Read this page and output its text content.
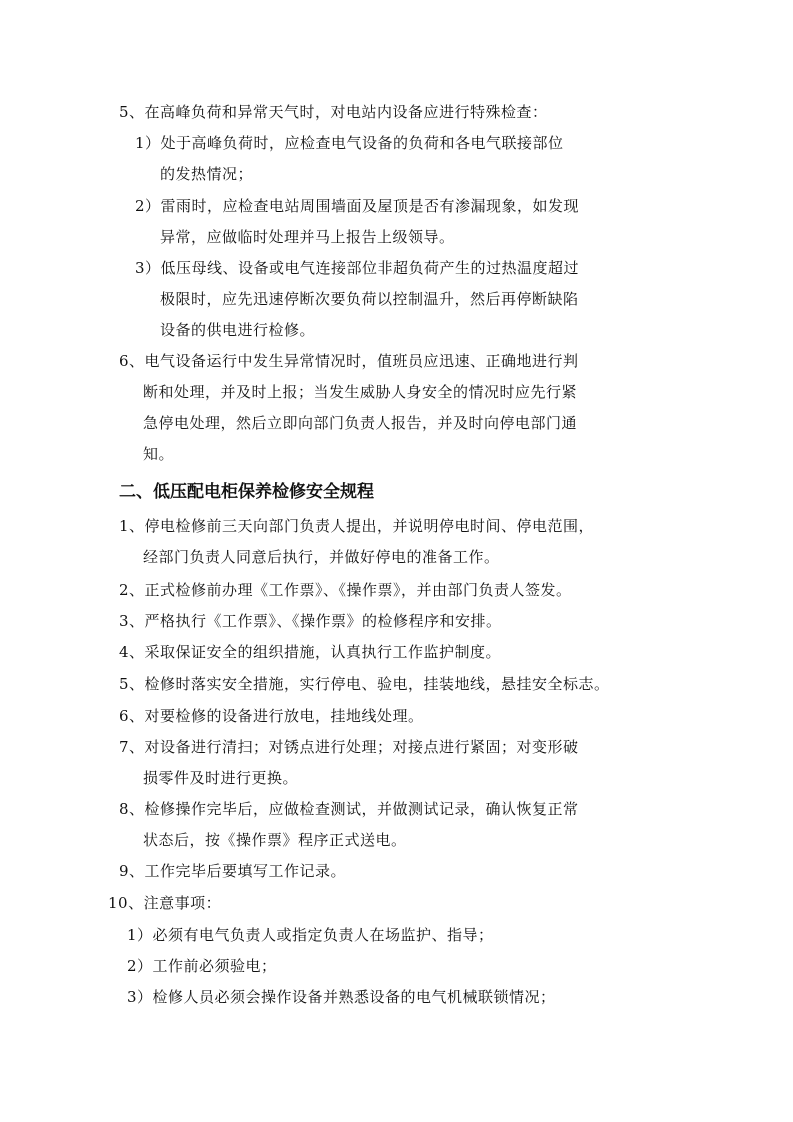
5、在高峰负荷和异常天气时，对电站内设备应进行特殊检查：
1）处于高峰负荷时，应检查电气设备的负荷和各电气联接部位
的发热情况；
2）雷雨时，应检查电站周围墙面及屋顶是否有渗漏现象，如发现
异常，应做临时处理并马上报告上级领导。
3）低压母线、设备或电气连接部位非超负荷产生的过热温度超过
极限时，应先迅速停断次要负荷以控制温升，然后再停断缺陷
设备的供电进行检修。
6、电气设备运行中发生异常情况时，值班员应迅速、正确地进行判
断和处理，并及时上报；当发生威胁人身安全的情况时应先行紧
急停电处理，然后立即向部门负责人报告，并及时向停电部门通
知。
二、低压配电柜保养检修安全规程
1、停电检修前三天向部门负责人提出，并说明停电时间、停电范围，
经部门负责人同意后执行，并做好停电的准备工作。
2、正式检修前办理《工作票》、《操作票》，并由部门负责人签发。
3、严格执行《工作票》、《操作票》的检修程序和安排。
4、采取保证安全的组织措施，认真执行工作监护制度。
5、检修时落实安全措施，实行停电、验电，挂装地线，悬挂安全标志。
6、对要检修的设备进行放电，挂地线处理。
7、对设备进行清扫；对锈点进行处理；对接点进行紧固；对变形破
损零件及时进行更换。
8、检修操作完毕后，应做检查测试，并做测试记录，确认恢复正常
状态后，按《操作票》程序正式送电。
9、工作完毕后要填写工作记录。
10、注意事项：
1）必须有电气负责人或指定负责人在场监护、指导；
2）工作前必须验电；
3）检修人员必须会操作设备并熟悉设备的电气机械联锁情况；
